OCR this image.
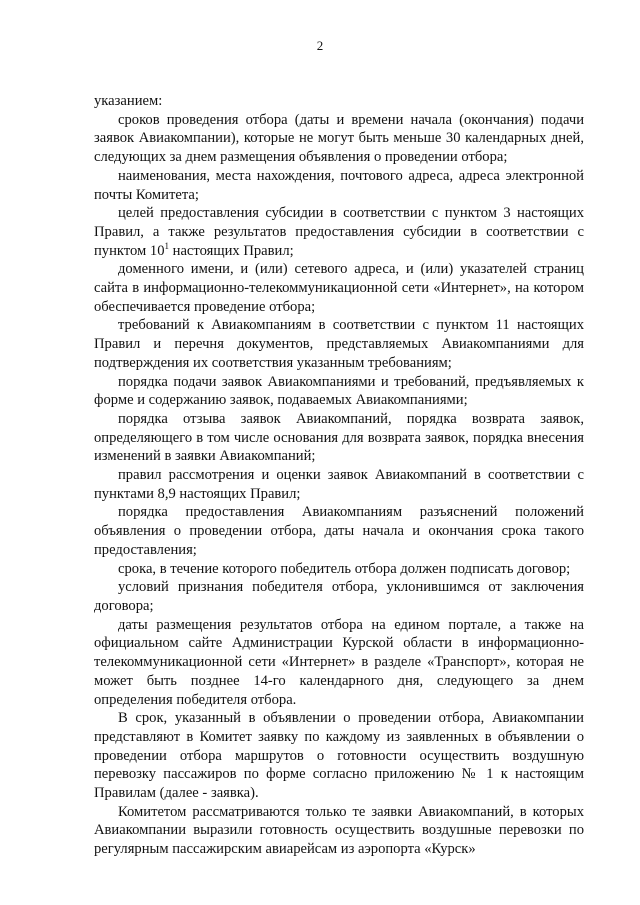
2

указанием:

сроков проведения отбора (даты и времени начала (окончания) подачи заявок Авиакомпании), которые не могут быть меньше 30 календарных дней, следующих за днем размещения объявления о проведении отбора;

наименования, места нахождения, почтового адреса, адреса электронной почты Комитета;

целей предоставления субсидии в соответствии с пунктом 3 настоящих Правил, а также результатов предоставления субсидии в соответствии с пунктом $10^1$ настоящих Правил;

доменного имени, и (или) сетевого адреса, и (или) указателей страниц сайта в информационно-телекоммуникационной сети «Интернет», на котором обеспечивается проведение отбора;

требований к Авиакомпаниям в соответствии с пунктом 11 настоящих Правил и перечня документов, представляемых Авиакомпаниями для подтверждения их соответствия указанным требованиям;

порядка подачи заявок Авиакомпаниями и требований, предъявляемых к форме и содержанию заявок, подаваемых Авиакомпаниями;

порядка отзыва заявок Авиакомпаний, порядка возврата заявок, определяющего в том числе основания для возврата заявок, порядка внесения изменений в заявки Авиакомпаний;

правил рассмотрения и оценки заявок Авиакомпаний в соответствии с пунктами 8,9 настоящих Правил;

порядка предоставления Авиакомпаниям разъяснений положений объявления о проведении отбора, даты начала и окончания срока такого предоставления;

срока, в течение которого победитель отбора должен подписать договор;

условий признания победителя отбора, уклонившимся от заключения договора;

даты размещения результатов отбора на едином портале, а также на официальном сайте Администрации Курской области в информационно-телекоммуникационной сети «Интернет» в разделе «Транспорт», которая не может быть позднее 14-го календарного дня, следующего за днем определения победителя отбора.

В срок, указанный в объявлении о проведении отбора, Авиакомпании представляют в Комитет заявку по каждому из заявленных в объявлении о проведении отбора маршрутов о готовности осуществить воздушную перевозку пассажиров по форме согласно приложению № 1 к настоящим Правилам (далее - заявка).

Комитетом рассматриваются только те заявки Авиакомпаний, в которых Авиакомпании выразили готовность осуществить воздушные перевозки по регулярным пассажирским авиарейсам из аэропорта «Курск»
